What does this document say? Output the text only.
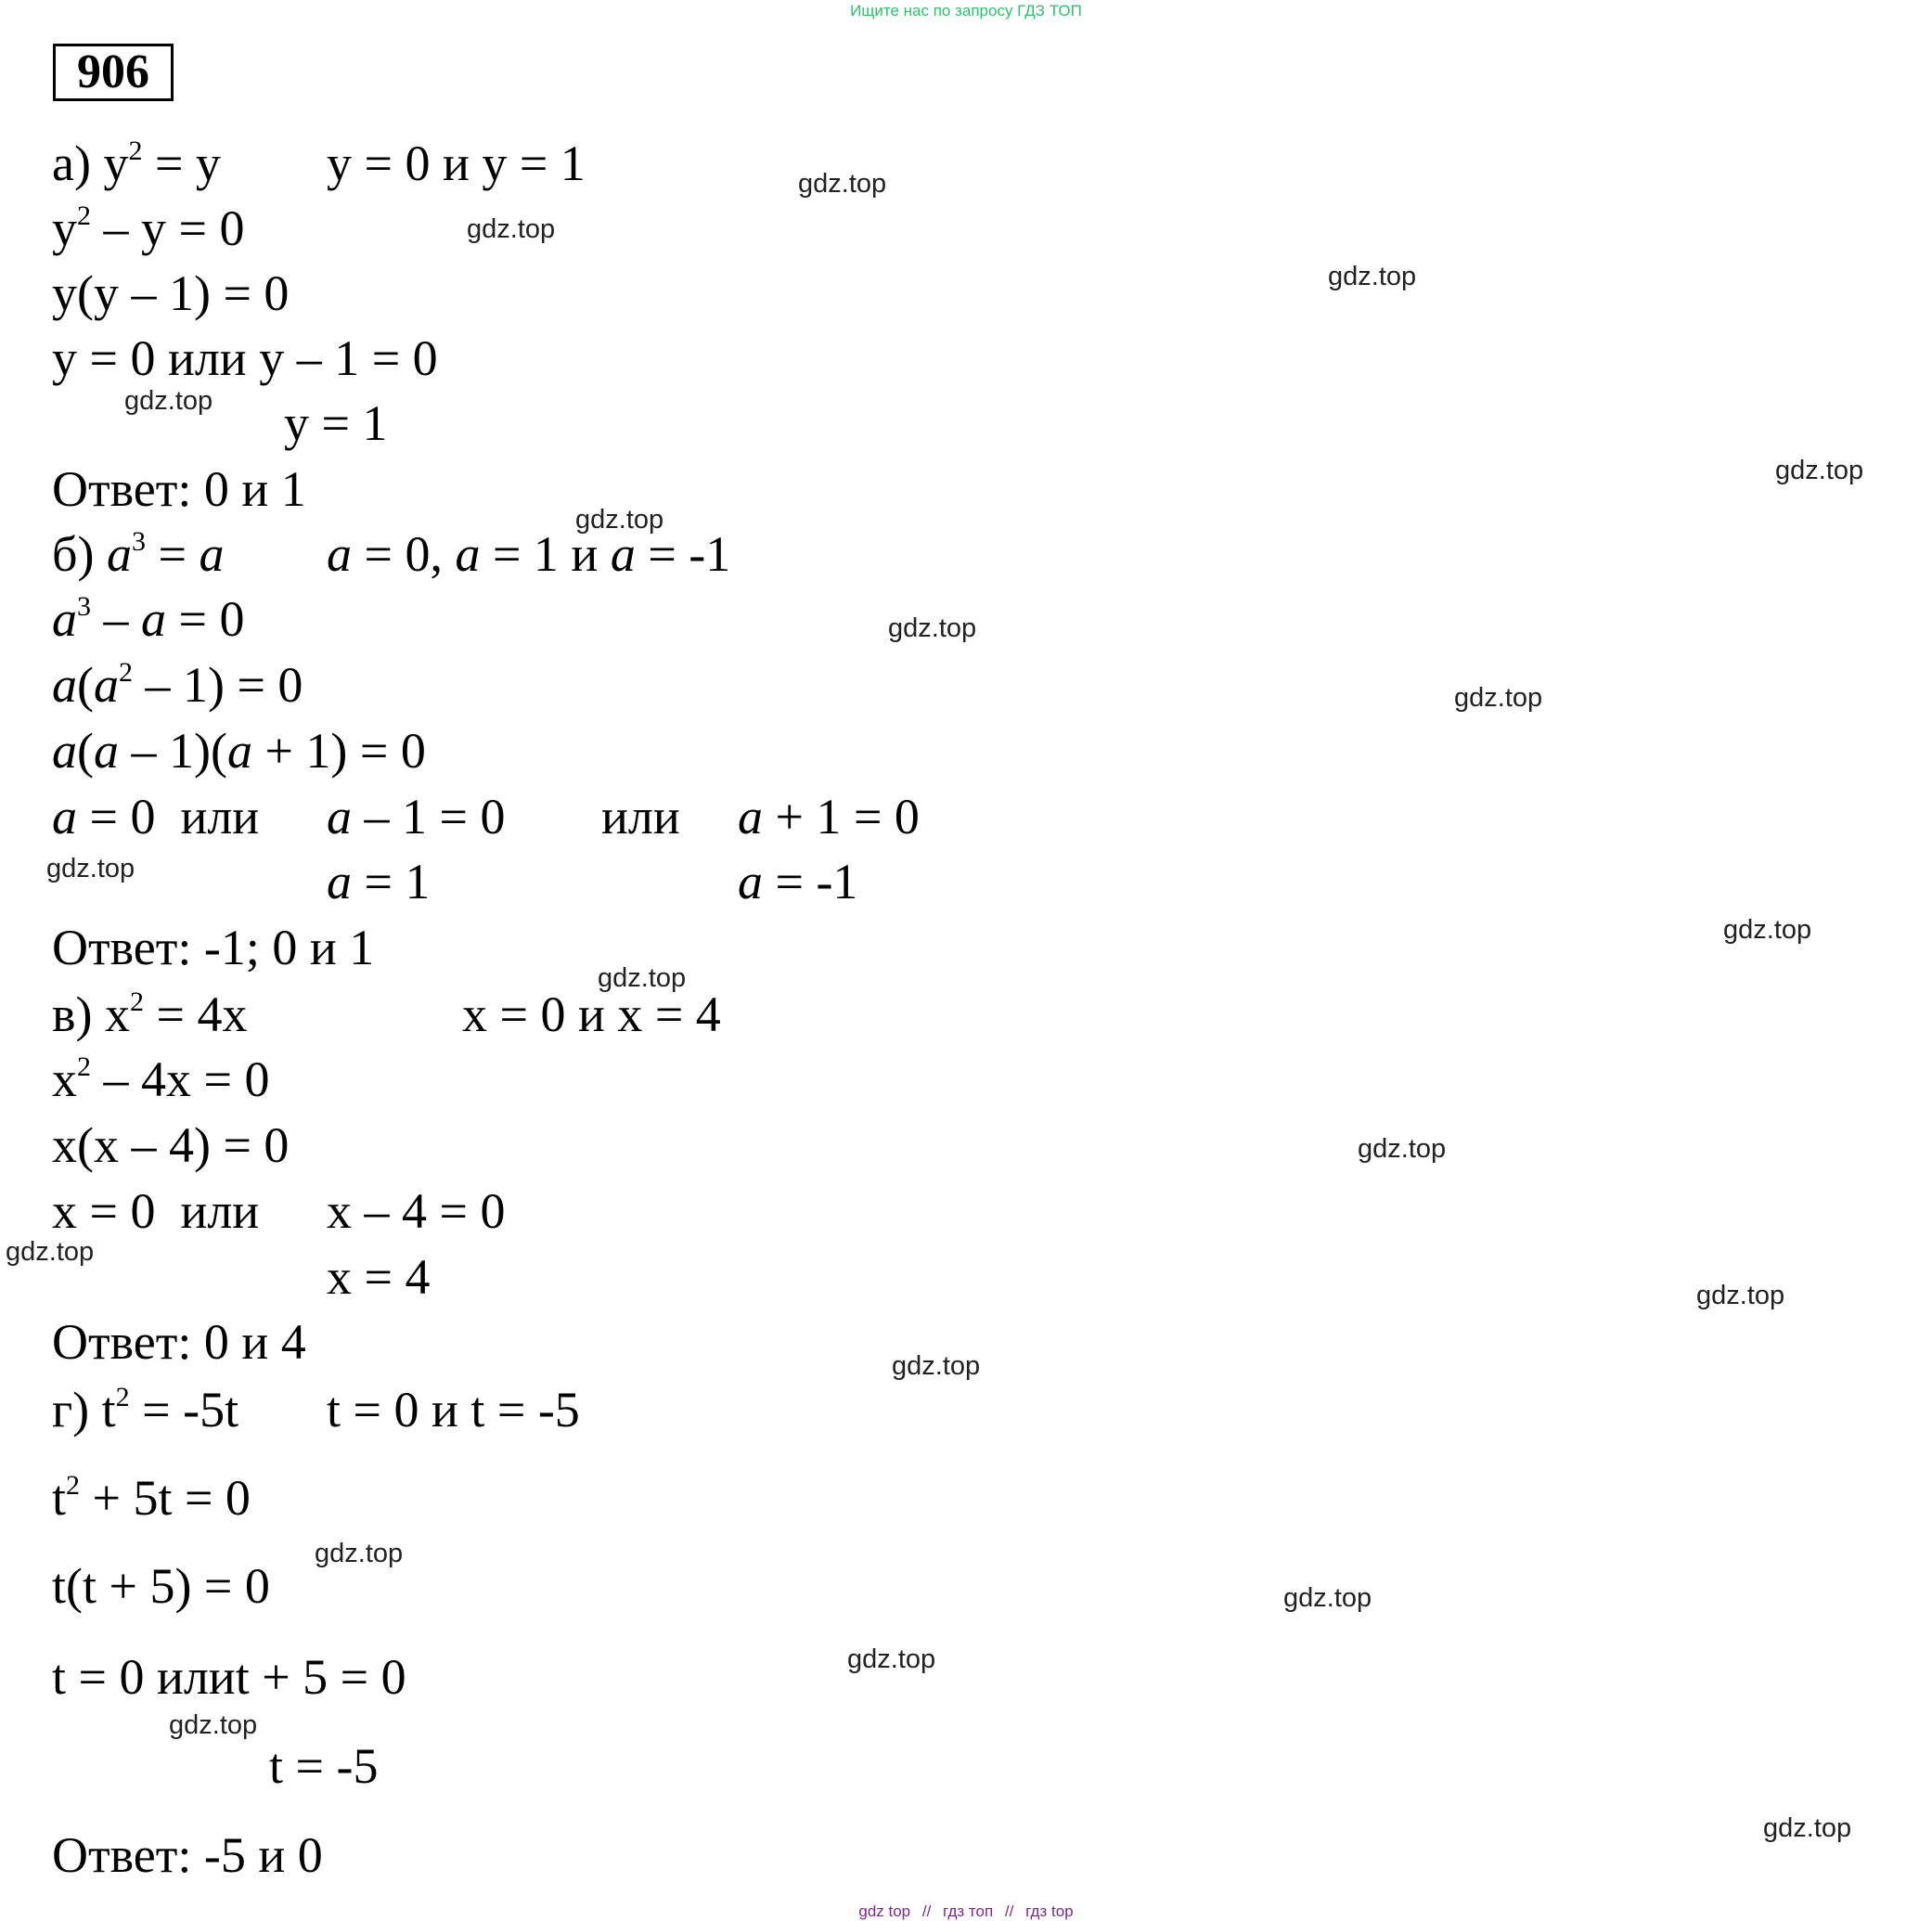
Ищите нас по запросу ГДЗ ТОП
906
а) $y^2 = y$ y = 0 и y = 1
$y^2 - y = 0$
y(y – 1) = 0
y = 0 или y – 1 = 0
y = 1
Ответ: 0 и 1
б) $a^3 = a$ a = 0, a = 1 и a = -1
$a^3 - a = 0$
$a(a^2 - 1) = 0$
a(a – 1)(a + 1) = 0
a = 0  или a – 1 = 0 или a + 1 = 0
a = 1	a = -1
Ответ: -1; 0 и 1
в) $x^2 = 4x$	x = 0 и x = 4
$x^2 - 4x = 0$
x(x – 4) = 0
x = 0  или x – 4 = 0
x = 4
Ответ: 0 и 4
г) $t^2 = -5t$ t = 0 и t = -5
$t^2 + 5t = 0$
t(t + 5) = 0
t = 0 илиt + 5 = 0
t = -5
Ответ: -5 и 0
gdz.top
gdz.top
gdz.top
gdz.top
gdz.top
gdz.top
gdz.top
gdz.top
gdz.top
gdz.top
gdz.top
gdz.top
gdz.top
gdz.top
gdz.top
gdz.top
gdz.top
gdz.top
gdz.top
gdz.top
gdz top // гдз топ // гдз top
